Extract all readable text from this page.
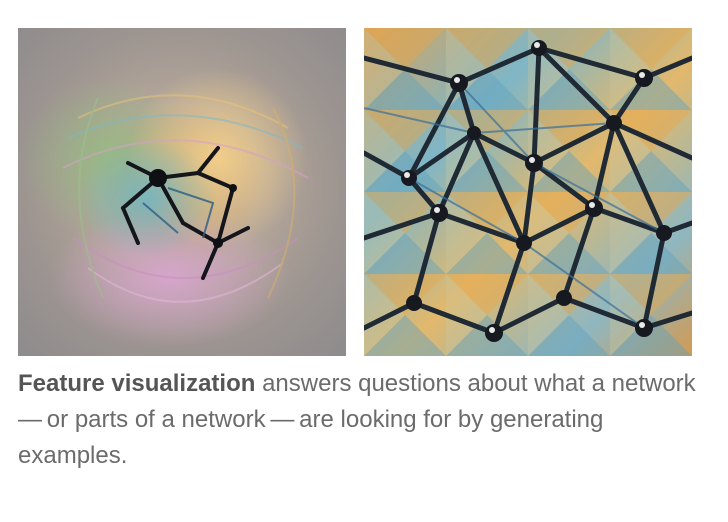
Feature visualization answers questions about what a network — or parts of a network — are looking for by generating examples.
